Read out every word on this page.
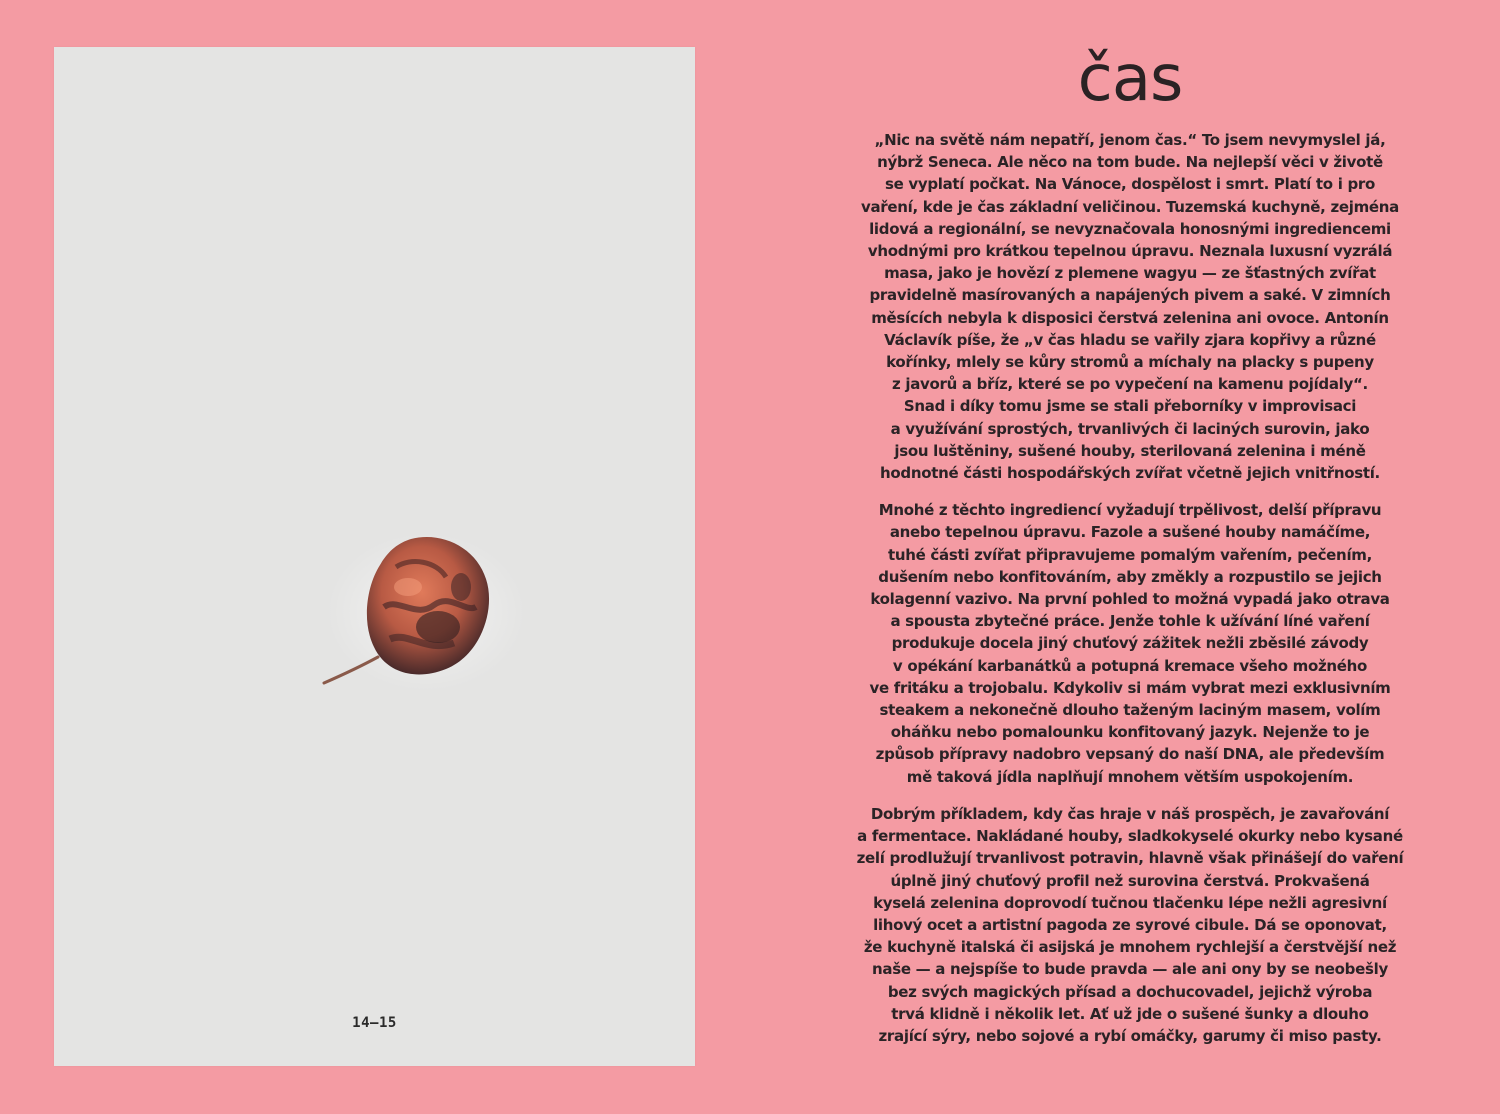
14—15
čas

„Nic na světě nám nepatří, jenom čas.“ To jsem nevymyslel já,
nýbrž Seneca. Ale něco na tom bude. Na nejlepší věci v životě
se vyplatí počkat. Na Vánoce, dospělost i smrt. Platí to i pro
vaření, kde je čas základní veličinou. Tuzemská kuchyně, zejména
lidová a regionální, se nevyznačovala honosnými ingrediencemi
vhodnými pro krátkou tepelnou úpravu. Neznala luxusní vyzrálá
masa, jako je hovězí z plemene wagyu — ze šťastných zvířat
pravidelně masírovaných a napájených pivem a saké. V zimních
měsících nebyla k disposici čerstvá zelenina ani ovoce. Antonín
Václavík píše, že „v čas hladu se vařily zjara kopřivy a různé
kořínky, mlely se kůry stromů a míchaly na placky s pupeny
z javorů a bříz, které se po vypečení na kamenu pojídaly“.
Snad i díky tomu jsme se stali přeborníky v improvisaci
a využívání sprostých, trvanlivých či laciných surovin, jako
jsou luštěniny, sušené houby, sterilovaná zelenina i méně
hodnotné části hospodářských zvířat včetně jejich vnitřností.

Mnohé z těchto ingrediencí vyžadují trpělivost, delší přípravu
anebo tepelnou úpravu. Fazole a sušené houby namáčíme,
tuhé části zvířat připravujeme pomalým vařením, pečením,
dušením nebo konfitováním, aby změkly a rozpustilo se jejich
kolagenní vazivo. Na první pohled to možná vypadá jako otrava
a spousta zbytečné práce. Jenže tohle k užívání líné vaření
produkuje docela jiný chuťový zážitek nežli zběsilé závody
v opékání karbanátků a potupná kremace všeho možného
ve fritáku a trojobalu. Kdykoliv si mám vybrat mezi exklusivním
steakem a nekonečně dlouho taženým laciným masem, volím
oháňku nebo pomalounku konfitovaný jazyk. Nejenže to je
způsob přípravy nadobro vepsaný do naší DNA, ale především
mě taková jídla naplňují mnohem větším uspokojením.

Dobrým příkladem, kdy čas hraje v náš prospěch, je zavařování
a fermentace. Nakládané houby, sladkokyselé okurky nebo kysané
zelí prodlužují trvanlivost potravin, hlavně však přinášejí do vaření
úplně jiný chuťový profil než surovina čerstvá. Prokvašená
kyselá zelenina doprovodí tučnou tlačenku lépe nežli agresivní
lihový ocet a artistní pagoda ze syrové cibule. Dá se oponovat,
že kuchyně italská či asijská je mnohem rychlejší a čerstvější než
naše — a nejspíše to bude pravda — ale ani ony by se neobešly
bez svých magických přísad a dochucovadel, jejichž výroba
trvá klidně i několik let. Ať už jde o sušené šunky a dlouho
zrající sýry, nebo sojové a rybí omáčky, garumy či miso pasty.
